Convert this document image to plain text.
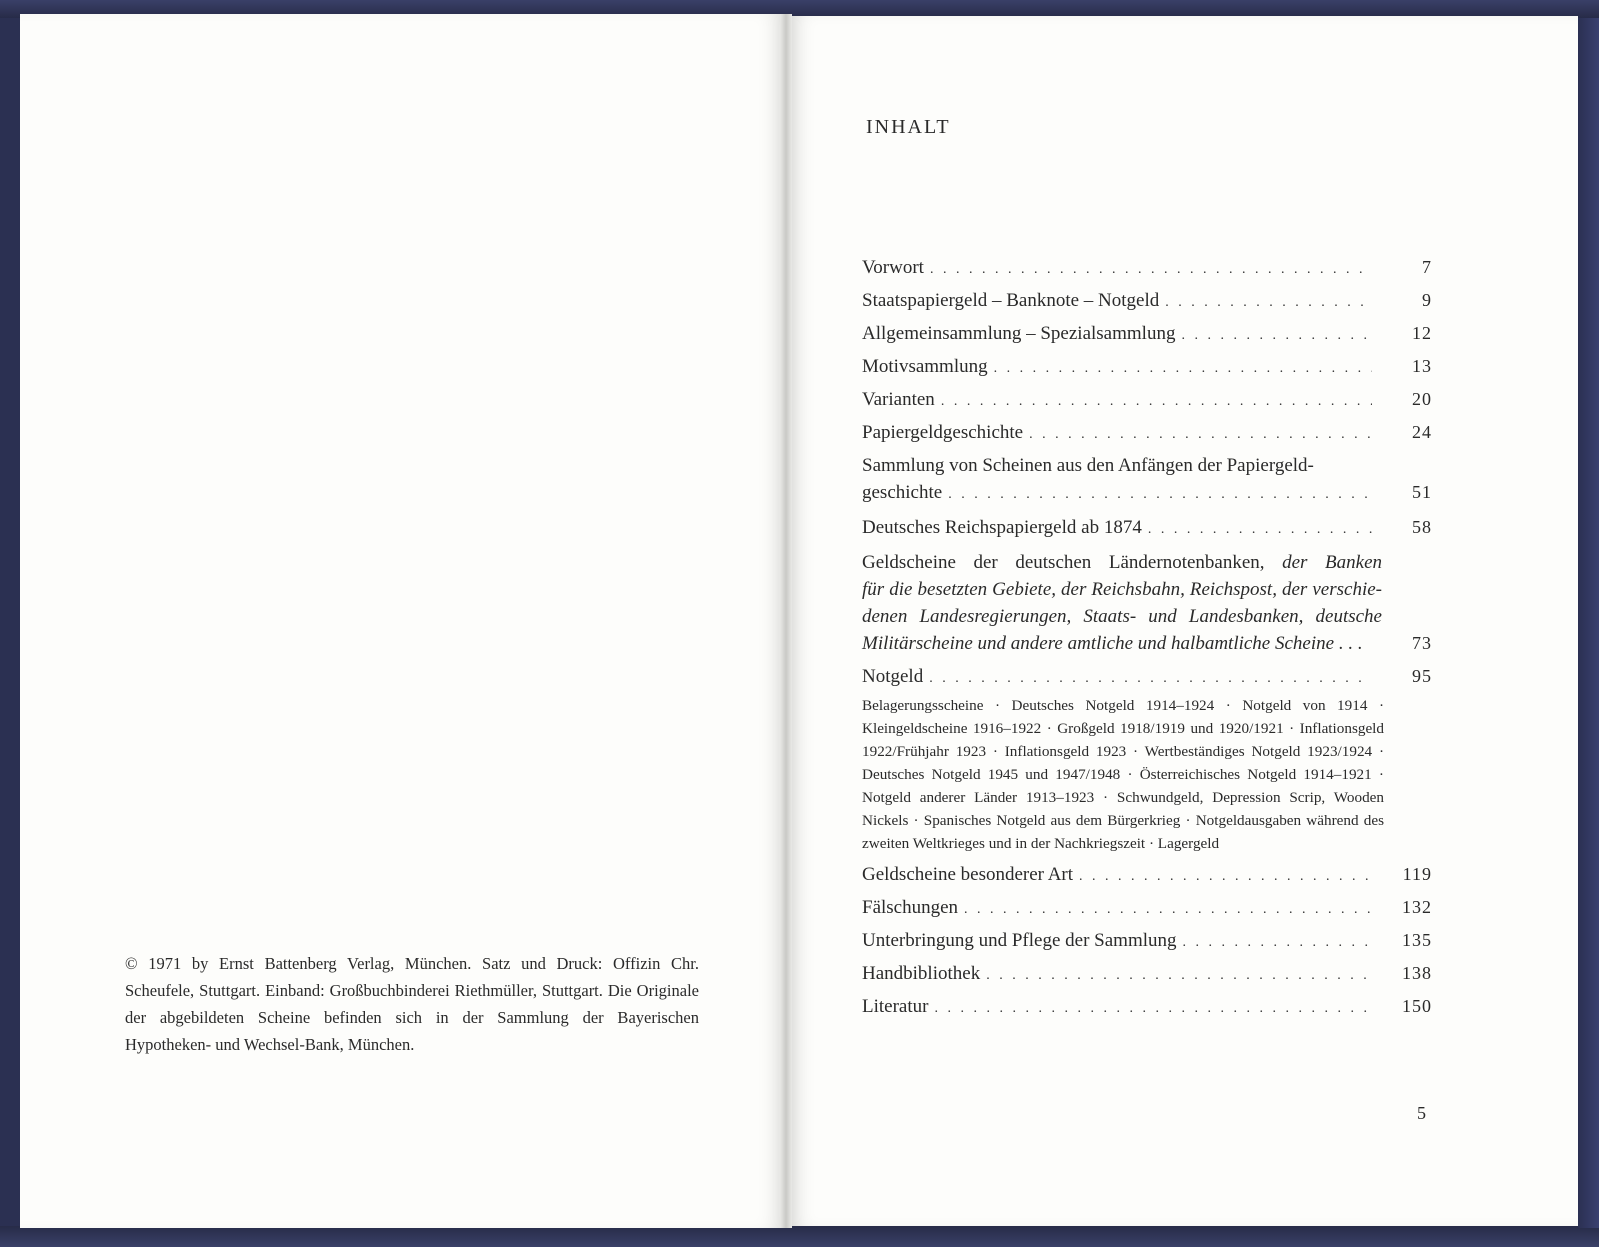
© 1971 by Ernst Battenberg Verlag, München. Satz und Druck: Offizin Chr. Scheufele, Stuttgart. Einband: Großbuchbinderei Riethmüller, Stuttgart. Die Originale der abgebildeten Scheine befinden sich in der Sammlung der Bayerischen Hypotheken- und Wechsel-Bank, München.

INHALT
Vorwort . . .	7
Staatspapiergeld – Banknote – Notgeld . . .	9
Allgemeinsammlung – Spezialsammlung . . .	12
Motivsammlung . . .	13
Varianten . . .	20
Papiergeldgeschichte . . .	24
Sammlung von Scheinen aus den Anfängen der Papiergeld-
geschichte . . .	51
Deutsches Reichspapiergeld ab 1874 . . .	58
Geldscheine der deutschen Ländernotenbanken, der Banken
für die besetzten Gebiete, der Reichsbahn, Reichspost, der verschie-
denen Landesregierungen, Staats- und Landesbanken, deutsche
Militärscheine und andere amtliche und halbamtliche Scheine . . .	73
Notgeld . . .	95
Belagerungsscheine · Deutsches Notgeld 1914–1924 · Notgeld von 1914 · Kleingeldscheine 1916–1922 · Großgeld 1918/1919 und 1920/1921 · Inflationsgeld 1922/Frühjahr 1923 · Inflationsgeld 1923 · Wertbeständiges Notgeld 1923/1924 · Deutsches Notgeld 1945 und 1947/1948 · Österreichisches Notgeld 1914–1921 · Notgeld anderer Länder 1913–1923 · Schwundgeld, Depression Scrip, Wooden Nickels · Spanisches Notgeld aus dem Bürgerkrieg · Notgeldausgaben während des zweiten Weltkrieges und in der Nachkriegszeit · Lagergeld
Geldscheine besonderer Art . . .	119
Fälschungen . . .	132
Unterbringung und Pflege der Sammlung . . .	135
Handbibliothek . . .	138
Literatur . . .	150
5
